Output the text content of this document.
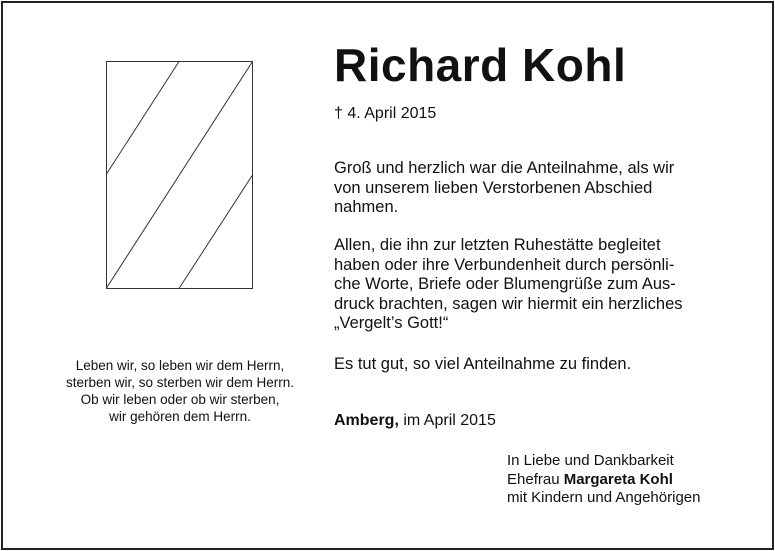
Leben wir, so leben wir dem Herrn,
sterben wir, so sterben wir dem Herrn.
Ob wir leben oder ob wir sterben,
wir gehören dem Herrn.
Richard Kohl
† 4. April 2015
Groß und herzlich war die Anteilnahme, als wir
von unserem lieben Verstorbenen Abschied
nahmen.
Allen, die ihn zur letzten Ruhestätte begleitet
haben oder ihre Verbundenheit durch persönli-
che Worte, Briefe oder Blumengrüße zum Aus-
druck brachten, sagen wir hiermit ein herzliches
„Vergelt’s Gott!“
Es tut gut, so viel Anteilnahme zu finden.
Amberg, im April 2015
In Liebe und Dankbarkeit
Ehefrau Margareta Kohl
mit Kindern und Angehörigen
